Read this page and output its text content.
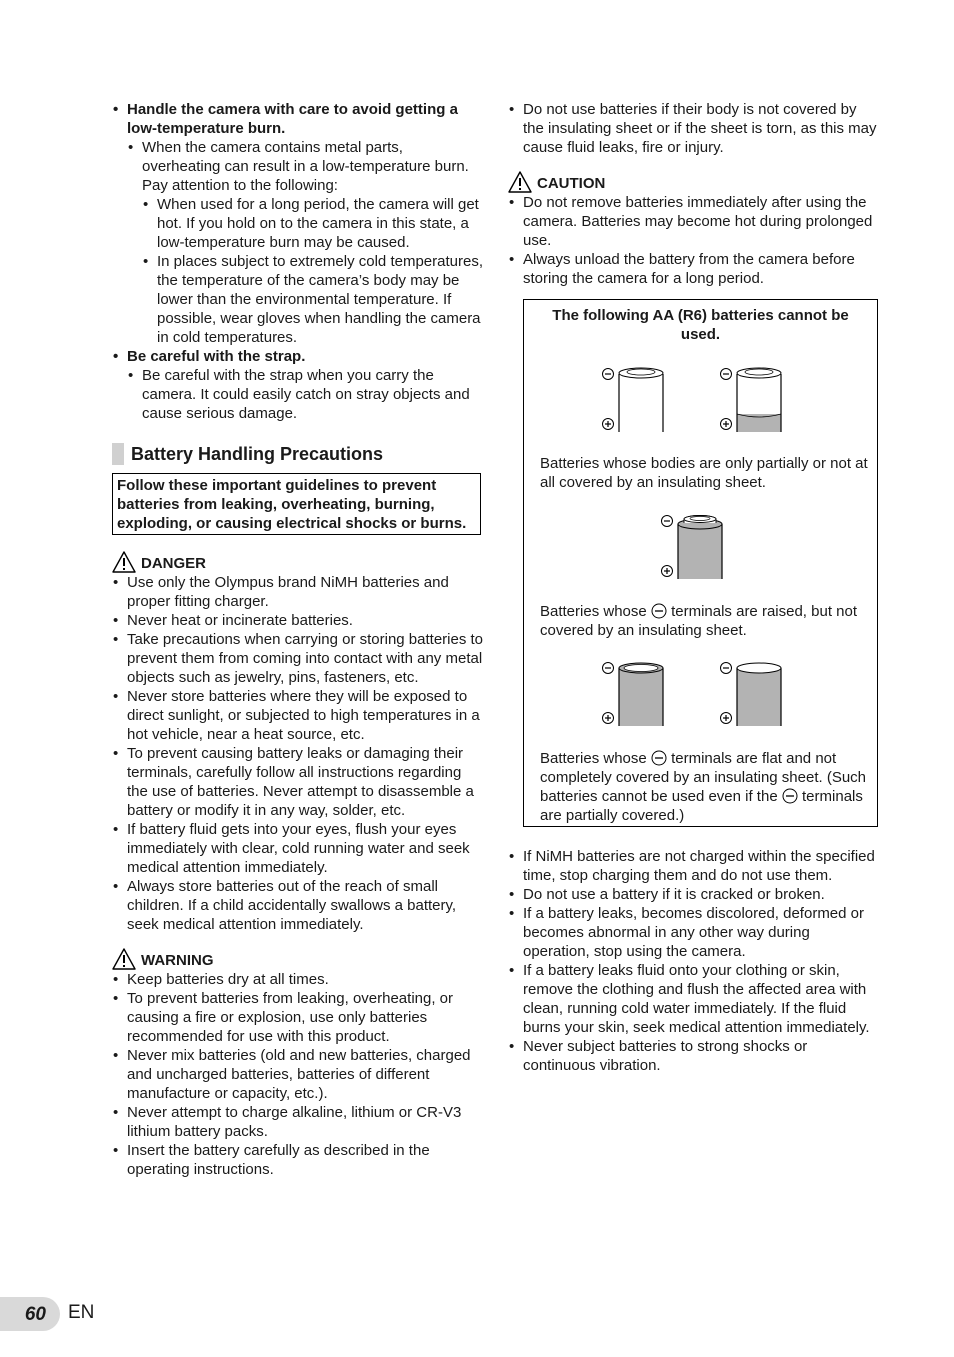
• Handle the camera with care to avoid getting a low-temperature burn.
• When the camera contains metal parts, overheating can result in a low-temperature burn. Pay attention to the following:
• When used for a long period, the camera will get hot. If you hold on to the camera in this state, a low-temperature burn may be caused.
• In places subject to extremely cold temperatures, the temperature of the camera’s body may be lower than the environmental temperature. If possible, wear gloves when handling the camera in cold temperatures.
• Be careful with the strap.
• Be careful with the strap when you carry the camera. It could easily catch on stray objects and cause serious damage.
Battery Handling Precautions
Follow these important guidelines to prevent batteries from leaking, overheating, burning, exploding, or causing electrical shocks or burns.
DANGER
• Use only the Olympus brand NiMH batteries and proper fitting charger.
• Never heat or incinerate batteries.
• Take precautions when carrying or storing batteries to prevent them from coming into contact with any metal objects such as jewelry, pins, fasteners, etc.
• Never store batteries where they will be exposed to direct sunlight, or subjected to high temperatures in a hot vehicle, near a heat source, etc.
• To prevent causing battery leaks or damaging their terminals, carefully follow all instructions regarding the use of batteries. Never attempt to disassemble a battery or modify it in any way, solder, etc.
• If battery fluid gets into your eyes, flush your eyes immediately with clear, cold running water and seek medical attention immediately.
• Always store batteries out of the reach of small children. If a child accidentally swallows a battery, seek medical attention immediately.
WARNING
• Keep batteries dry at all times.
• To prevent batteries from leaking, overheating, or causing a fire or explosion, use only batteries recommended for use with this product.
• Never mix batteries (old and new batteries, charged and uncharged batteries, batteries of different manufacture or capacity, etc.).
• Never attempt to charge alkaline, lithium or CR-V3 lithium battery packs.
• Insert the battery carefully as described in the operating instructions.
• Do not use batteries if their body is not covered by the insulating sheet or if the sheet is torn, as this may cause fluid leaks, fire or injury.
CAUTION
• Do not remove batteries immediately after using the camera. Batteries may become hot during prolonged use.
• Always unload the battery from the camera before storing the camera for a long period.
The following AA (R6) batteries cannot be used.
Batteries whose bodies are only partially or not at all covered by an insulating sheet.
Batteries whose terminals are raised, but not covered by an insulating sheet.
Batteries whose terminals are flat and not completely covered by an insulating sheet. (Such batteries cannot be used even if the terminals are partially covered.)
• If NiMH batteries are not charged within the specified time, stop charging them and do not use them.
• Do not use a battery if it is cracked or broken.
• If a battery leaks, becomes discolored, deformed or becomes abnormal in any other way during operation, stop using the camera.
• If a battery leaks fluid onto your clothing or skin, remove the clothing and flush the affected area with clean, running cold water immediately. If the fluid burns your skin, seek medical attention immediately.
• Never subject batteries to strong shocks or continuous vibration.
60	EN
